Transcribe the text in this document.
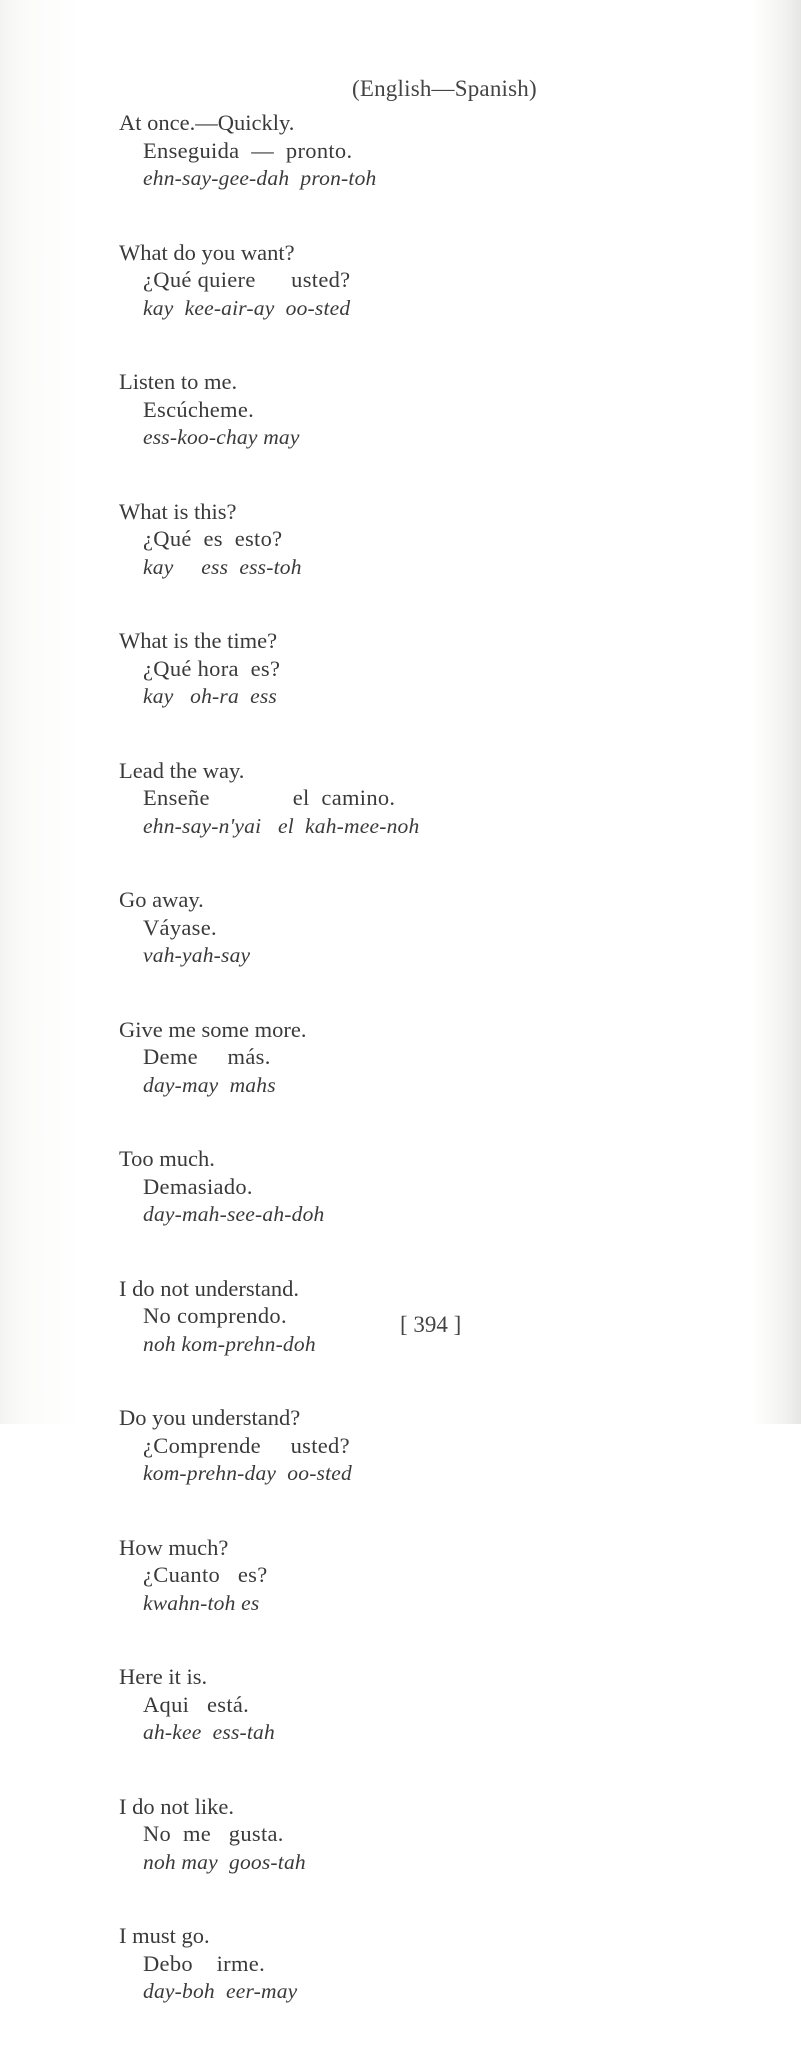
(English—Spanish)
At once.—Quickly.
Enseguida  —  pronto.
ehn-say-gee-dah  pron-toh
What do you want?
¿Qué quiere      usted?
kay  kee-air-ay  oo-sted
Listen to me.
Escúcheme.
ess-koo-chay may
What is this?
¿Qué  es  esto?
kay     ess  ess-toh
What is the time?
¿Qué hora  es?
kay   oh-ra  ess
Lead the way.
Enseñe              el  camino.
ehn-say-n'yai   el  kah-mee-noh
Go away.
Váyase.
vah-yah-say
Give me some more.
Deme     más.
day-may  mahs
Too much.
Demasiado.
day-mah-see-ah-doh
I do not understand.
No comprendo.
noh kom-prehn-doh
Do you understand?
¿Comprende     usted?
kom-prehn-day  oo-sted
How much?
¿Cuanto   es?
kwahn-toh es
Here it is.
Aqui   está.
ah-kee  ess-tah
I do not like.
No  me   gusta.
noh may  goos-tah
I must go.
Debo    irme.
day-boh  eer-may
[ 394 ]
